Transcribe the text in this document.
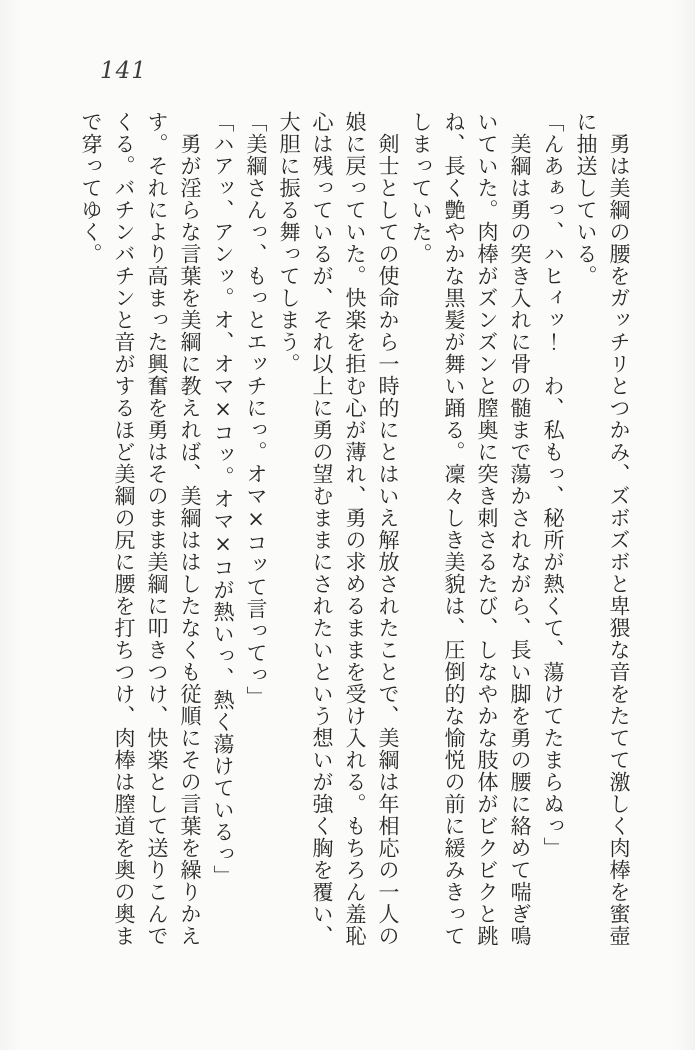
141
　勇は美綱の腰をガッチリとつかみ、ズボズボと卑猥な音をたてて激しく肉棒を蜜壺
に抽送している。
「んあぁっ、ハヒィッ！　わ、私もっ、秘所が熱くて、蕩けてたまらぬっ」
　美綱は勇の突き入れに骨の髄まで蕩かされながら、長い脚を勇の腰に絡めて喘ぎ鳴
いていた。肉棒がズンズンと膣奥に突き刺さるたび、しなやかな肢体がビクビクと跳
ね、長く艶やかな黒髪が舞い踊る。凜々しき美貌は、圧倒的な愉悦の前に緩みきって
しまっていた。
　剣士としての使命から一時的にとはいえ解放されたことで、美綱は年相応の一人の
娘に戻っていた。快楽を拒む心が薄れ、勇の求めるままを受け入れる。もちろん羞恥
心は残っているが、それ以上に勇の望むままにされたいという想いが強く胸を覆い、
大胆に振る舞ってしまう。
「美綱さんっ、もっとエッチにっ。オマ×コッて言ってっ」
「ハアッ、アンッ。オ、オマ×コッ。オマ×コが熱いっ、熱く蕩けているっ」
　勇が淫らな言葉を美綱に教えれば、美綱ははしたなくも従順にその言葉を繰りかえ
す。それにより高まった興奮を勇はそのまま美綱に叩きつけ、快楽として送りこんで
くる。バチンバチンと音がするほど美綱の尻に腰を打ちつけ、肉棒は膣道を奥の奥ま
で穿ってゆく。
